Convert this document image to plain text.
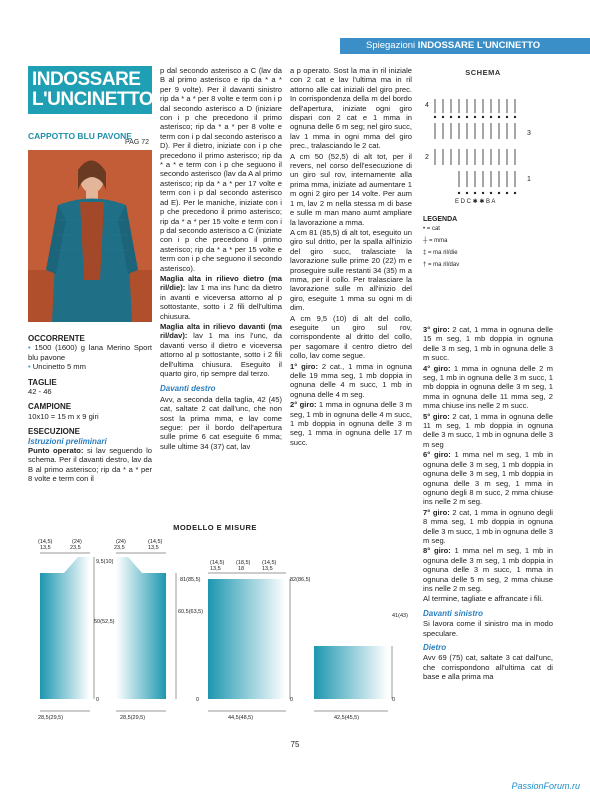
Spiegazioni INDOSSARE L'UNCINETTO
INDOSSARE L'UNCINETTO
CAPPOTTO BLU PAVONE
PAG 72
OCCORRENTE
• 1500 (1600) g lana Merino Sport blu pavone
• Uncinetto 5 mm
TAGLIE
42 - 46
CAMPIONE
10x10 = 15 m x 9 giri
ESECUZIONE
Istruzioni preliminari

Punto operato: si lav seguendo lo schema. Per il davanti destro, lav da B al primo asterisco; rip da * a * per 8 volte e term con il

p dal secondo asterisco a C (lav da B al primo asterisco e rip da * a * per 9 volte). Per il davanti sinistro rip da * a * per 8 volte e term con i p dal secondo asterisco a D (iniziare con i p che precedono il primo asterisco; rip da * a * per 8 volte e term con i p dal secondo asterisco a D). Per il dietro, iniziate con i p che precedono il primo asterisco; rip da * a * e term con i p che seguono il secondo asterisco (lav da A al primo asterisco; rip da * a * per 17 volte e term con i p dal secondo asterisco ad E). Per le maniche, iniziate con i p che precedono il primo asterisco; rip da * a * per 15 volte e term con i p dal secondo asterisco a C (iniziate con i p che precedono il primo asterisco; rip da * a * per 15 volte e term con i p che seguono il secondo asterisco).

Maglia alta in rilievo dietro (ma ril/die): lav 1 ma ins l'unc da dietro in avanti e viceversa attorno al p sottostante, sotto i 2 fili dell'ultima chiusura.

Maglia alta in rilievo davanti (ma ril/dav): lav 1 ma ins l'unc, da davanti verso il dietro e viceversa attorno al p sottostante, sotto i 2 fili dell'ultima chiusura. Eseguito il quarto giro, rip sempre dal terzo.

Davanti destro

Avv, a seconda della taglia, 42 (45) cat, saltate 2 cat dall'unc, che non sost la prima mma, e lav come segue: per il bordo dell'apertura sulle prime 6 cat eseguite 6 mma; sulle ultime 34 (37) cat, lav

a p operato. Sost la ma in ril iniziale con 2 cat e lav l'ultima ma in ril attorno alle cat iniziali del giro prec. In corrispondenza della m del bordo dell'apertura, iniziate ogni giro dispari con 2 cat e 1 mma in ognuna delle 6 m seg; nel giro succ, lav 1 mma in ogni mma del giro prec., tralasciando le 2 cat.

A cm 50 (52,5) di alt tot, per il revers, nel corso dell'esecuzione di un giro sul rov, internamente alla prima mma, iniziate ad aumentare 1 m ogni 2 giro per 14 volte. Per aum 1 m, lav 2 m nella stessa m di base e sulle m man mano aumt ampliare la lavorazione a mma.

A cm 81 (85,5) di alt tot, eseguito un giro sul dritto, per la spalla all'inizio del giro succ, tralasciate la lavorazione sulle prime 20 (22) m e proseguire sulle restanti 34 (35) m a mma, per il collo. Per tralasciare la lavorazione sulle m all'inizio del giro, eseguite 1 mma su ogni m di dim.

A cm 9,5 (10) di alt del collo, eseguite un giro sul rov, corrispondente al dritto del collo, per sagomare il centro dietro del collo, lav come segue.

1° giro: 2 cat., 1 mma in ognuna delle 19 mma seg, 1 mb doppia in ognuna delle 4 m succ, 1 mb in ognuna delle 4 m seg.

2° giro: 1 mma in ognuna delle 3 m seg, 1 mb in ognuna delle 4 m succ, 1 mb doppia in ognuna delle 3 m seg, 1 mma in ognuna delle 17 m succ.

SCHEMA
4
3
2
1
E D C ✱ ✱ B A
LEGENDA
• = cat
┼ = mma
‡ = ma ril/die
† = ma ril/dav

3° giro: 2 cat, 1 mma in ognuna delle 15 m seg, 1 mb doppia in ognuna delle 3 m seg, 1 mb in ognuna delle 3 m succ.

4° giro: 1 mma in ognuna delle 2 m seg, 1 mb in ognuna delle 3 m succ, 1 mb doppia in ognuna delle 3 m seg, 1 mma in ognuna delle 11 mma seg, 2 mma chiuse ins nelle 2 m succ.

5° giro: 2 cat, 1 mma in ognuna delle 11 m seg, 1 mb doppia in ognuna delle 3 m succ, 1 mb in ognuna delle 3 m seg

6° giro: 1 mma nel m seg, 1 mb in ognuna delle 3 m seg, 1 mb doppia in ognuna delle 3 m seg, 1 mb doppia in ognuna delle 3 m seg, 1 mma in ognuno degli 8 m succ, 2 mma chiuse ins nelle 2 m seg.

7° giro: 2 cat, 1 mma in ognuno degli 8 mma seg, 1 mb doppia in ognuna delle 3 m succ, 1 mb in ognuna delle 3 m seg.

8° giro: 1 mma nel m seg, 1 mb in ognuna delle 3 m seg, 1 mb doppia in ognuna delle 3 m succ, 1 mma in ognuna delle 5 m seg, 2 mma chiuse ins nelle 2 m seg.

Al termine, tagliate e affrancate i fili.

Davanti sinistro

Si lavora come il sinistro ma in modo speculare.

Dietro

Avv 69 (75) cat, saltate 3 cat dall'unc, che corrispondono all'ultima cat di base e alla prima ma

MODELLO E MISURE
(14,5)
13,5
(24)
23,5
(24)
23,5
(14,5)
13,5
9,5(10)
50(52,5)
81(85,5)
60,5(63,5)
28,5(29,5)	28,5(29,5)
(14,5)
13,5
(18,5)
18
(14,5)
13,5
82(86,5)
44,5(48,5)
41(43)
42,5(45,5)
0	0	0	0
75
PassionForum.ru
